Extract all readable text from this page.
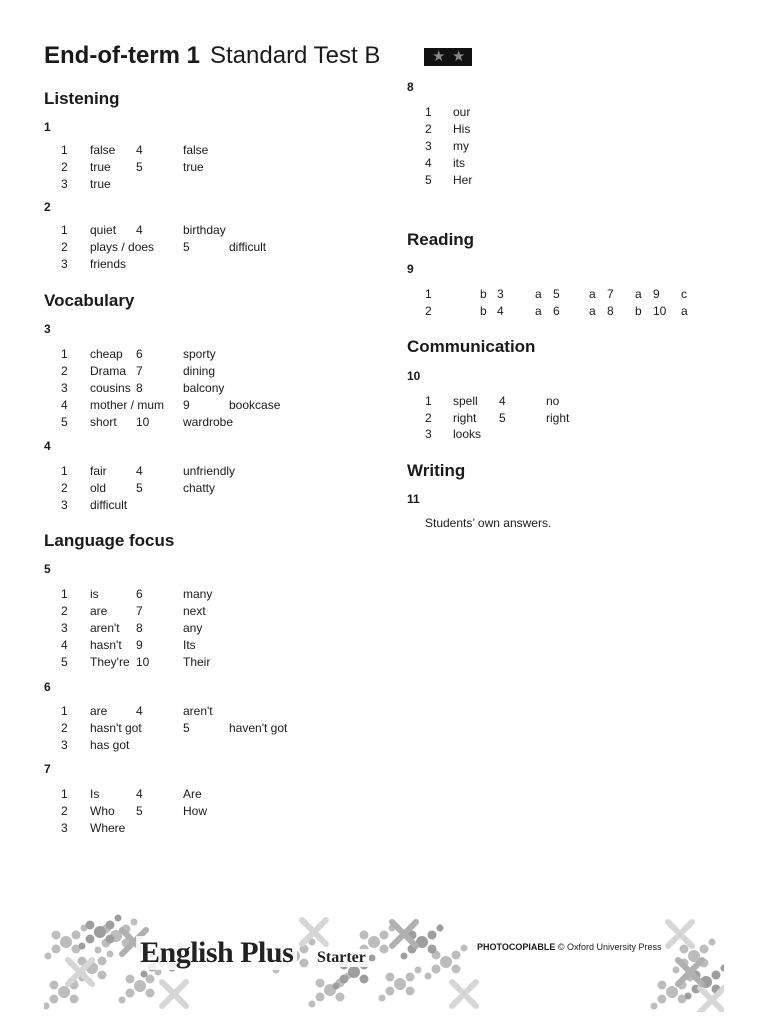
End-of-term 1 Standard Test B	★ ★
Listening
1
1 false 4	false
2 true 5	true
3 true
2
1 quiet 4	birthday
2 plays / does 5	difficult
3 friends
Vocabulary
3
1 cheap 6	sporty
2 Drama 7	dining
3 cousins 8	balcony
4 mother / mum 9	bookcase
5 short 10	wardrobe
4
1 fair 4	unfriendly
2 old 5	chatty
3 difficult
Language focus
5
1 is	6	many
2 are 7	next
3 aren't 8	any
4 hasn't 9	Its
5 They're 10	Their
6
1 are 4	aren't
2 hasn't got	5	haven't got
3 has got
7
1 Is	4	Are
2 Who 5	How
3 Where
8
1 our
2 His
3 my
4 its
5 Her
Reading
9
1	b 3	a 5 a 7 a 9 c
2	b 4	a 6 a 8 b 10 a
Communication
10
1 spell 4	no
2 right 5	right
3 looks
Writing
11
Students’ own answers.
English Plus Starter
PHOTOCOPIABLE © Oxford University Press
